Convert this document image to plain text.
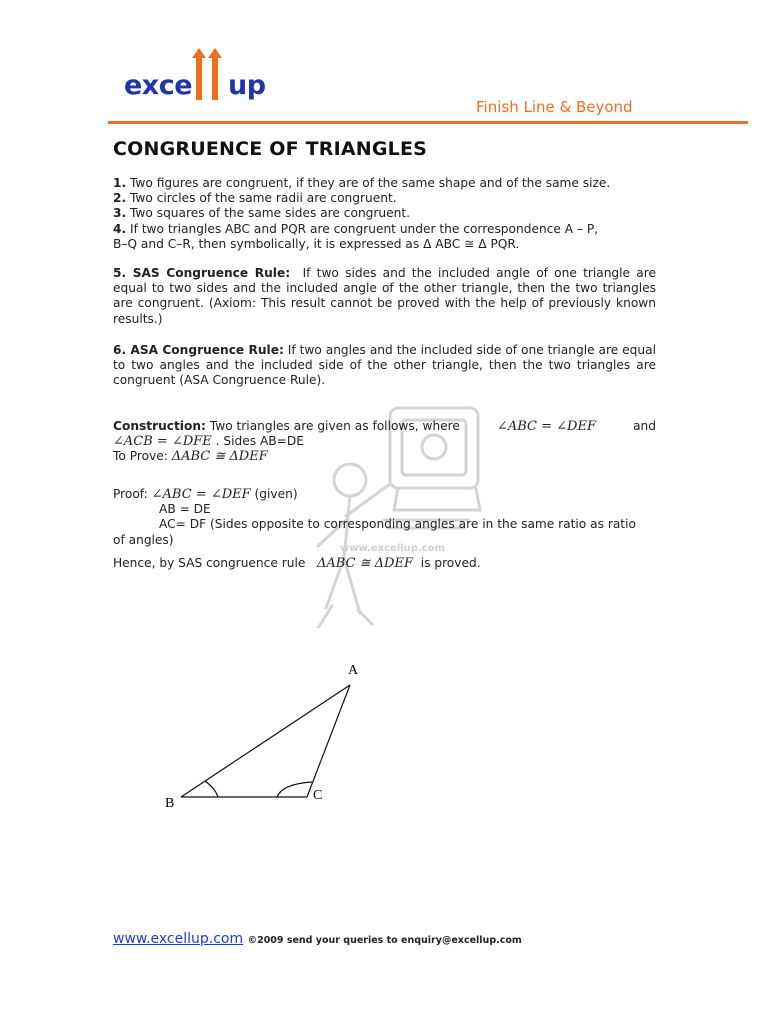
exce up
Finish Line & Beyond
www.excellup.com
CONGRUENCE OF TRIANGLES
1. Two figures are congruent, if they are of the same shape and of the same size.
2. Two circles of the same radii are congruent.
3. Two squares of the same sides are congruent.
4. If two triangles ABC and PQR are congruent under the correspondence A – P,
B–Q and C–R, then symbolically, it is expressed as Δ ABC ≅ Δ PQR.
5. SAS Congruence Rule: If two sides and the included angle of one triangle are equal to two sides and the included angle of the other triangle, then the two triangles are congruent. (Axiom: This result cannot be proved with the help of previously known results.)
6. ASA Congruence Rule: If two angles and the included side of one triangle are equal to two angles and the included side of the other triangle, then the two triangles are congruent (ASA Congruence Rule).
Construction: Two triangles are given as follows, where	∠ABC = ∠DEF	and
∠ACB = ∠DFE . Sides AB=DE
To Prove: ΔABC ≅ ΔDEF
Proof: ∠ABC = ∠DEF (given)
AB = DE
AC= DF (Sides opposite to corresponding angles are in the same ratio as ratio
of angles)
Hence, by SAS congruence rule ΔABC ≅ ΔDEF is proved.
A
B
C
www.excellup.com ©2009 send your queries to enquiry@excellup.com
